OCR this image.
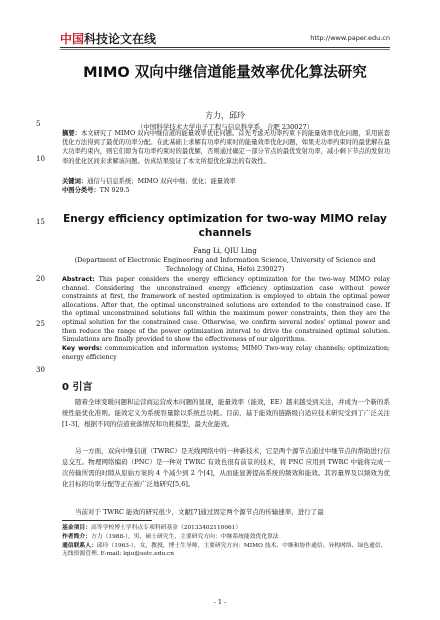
中国科技论文在线	http://www.paper.edu.cn
MIMO 双向中继信道能量效率优化算法研究
方力，邱玲
（中国科学技术大学电子工程与信息科学系，合肥 230027）
5
10
15
20
25
30
摘要：本文研究了 MIMO 双向中继信道的能量效率优化问题。首先考虑无功率约束下的能量效率优化问题，采用嵌套优化方法得到了最优的功率分配。在此基础上求解有功率约束时的能量效率优化问题，如果无功率约束时的最优解在最大功率约束内，则它们即为有功率约束时的最优解，否则通过确定一部分节点的最优发射功率，减小剩下节点的发射功率的优化区间来求解该问题。仿真结果验证了本文所提优化算法的有效性。
关键词：通信与信息系统；MIMO 双向中继；优化；能量效率
中图分类号：TN 929.5
Energy efficiency optimization for two-way MIMO relay channels
Fang Li, QIU Ling
(Department of Electronic Engineering and Information Science, University of Science and Technology of China, Hefei 230027)
Abstract: This paper considers the energy efficiency optimization for the two-way MIMO relay channel. Considering the unconstrained energy efficiency optimization case without power constraints at first, the framework of nested optimization is employed to obtain the optimal power allocations. After that, the optimal unconstrained solutions are extended to the constrained case. If the optimal unconstrained solutions fall within the maximum power constraints, then they are the optimal solution for the constrained case. Otherwise, we confirm several nodes' optimal power and then reduce the range of the power optimization interval to drive the constrained optimal solution. Simulations are finally provided to show the effectiveness of our algorithms.
Key words: communication and information systems; MIMO Two-way relay channels; optimization; energy efficiency
0 引言
随着全球变暖问题和运营商运营成本问题的显现，能量效率（能效，EE）越来越受到关注，并成为一个新的系统性能优化准则。能效定义为系统容量除以系统总功耗。目前，基于能效的链路级自适应技术研究受到了广泛关注[1-3]，根据不同的信道衰落情况和功耗模型，最大化能效。
另一方面，双向中继信道（TWRC）是无线网络中的一种新技术，它是两个源节点通过中继节点的帮助进行信息交互。物理网络编码（PNC）是一种对 TWRC 有效也很有前景的技术，将 PNC 应用到 TWRC 中能将完成一次传输所需的时隙从原始方案的 4 个减少到 2 个[4]，从而能显著提高系统的频效和能效。其容量界及以频效为优化目标的功率分配等正在被广泛地研究[5,6]。
当前对于 TWRC 能效的研究很少，文献[7]通过固定两个源节点的传输速率，进行了最
基金项目：高等学校博士学科点专项科研基金（20133402110061）
作者简介：方力（1988-），男，硕士研究生，主要研究方向：中继系统能效优化算法
通信联系人：邱玲（1963-），女，教授，博士生导师，主要研究方向：MIMO 技术、中继和协作通信、异构网络、绿色通信、无线资源管理. E-mail: lqiu@ustc.edu.cn
- 1 -
